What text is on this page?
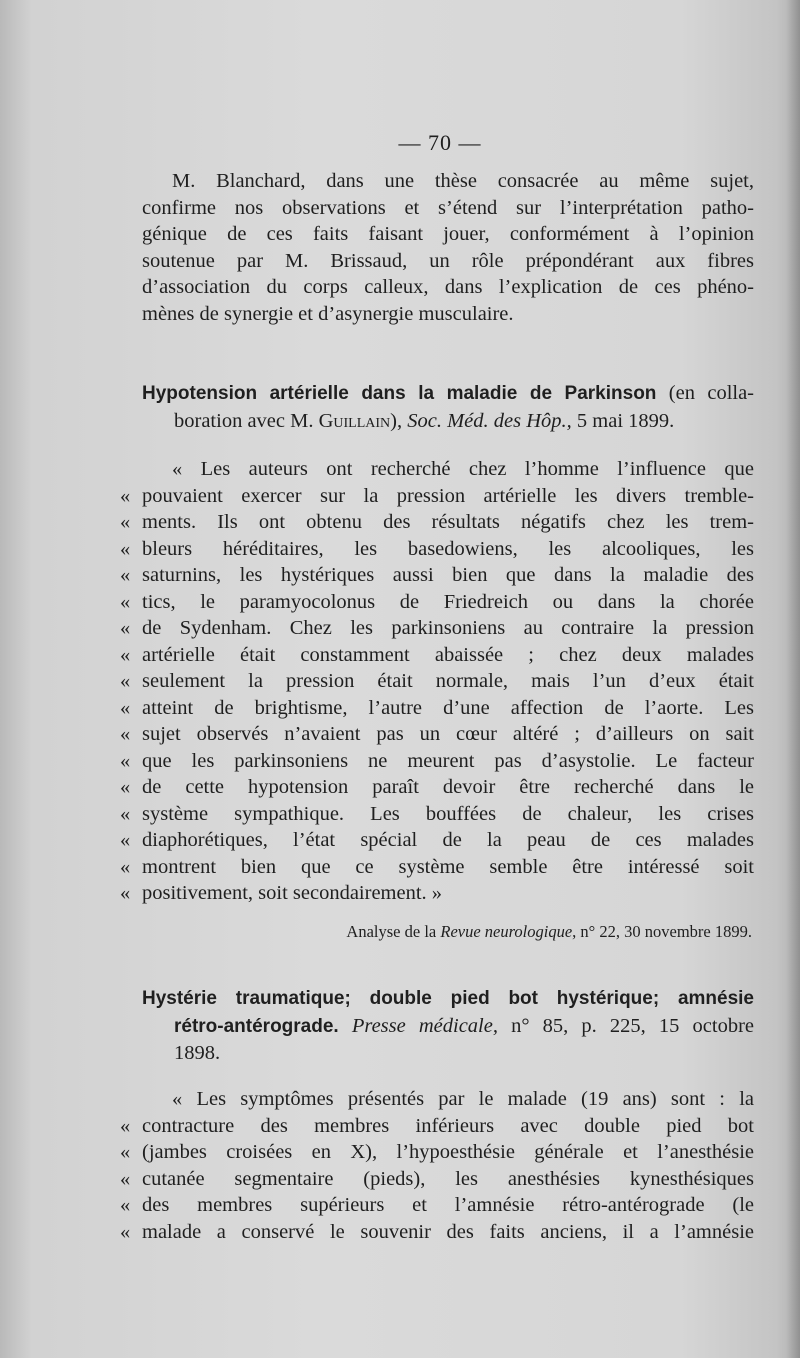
— 70 —
M. Blanchard, dans une thèse consacrée au même sujet,
confirme nos observations et s’étend sur l’interprétation patho-
génique de ces faits faisant jouer, conformément à l’opinion
soutenue par M. Brissaud, un rôle prépondérant aux fibres
d’association du corps calleux, dans l’explication de ces phéno-
mènes de synergie et d’asynergie musculaire.
Hypotension artérielle dans la maladie de Parkinson (en colla-
boration avec M. Guillain), Soc. Méd. des Hôp., 5 mai 1899.
« Les auteurs ont recherché chez l’homme l’influence que
«pouvaient exercer sur la pression artérielle les divers tremble-
«ments. Ils ont obtenu des résultats négatifs chez les trem-
«bleurs héréditaires, les basedowiens, les alcooliques, les
«saturnins, les hystériques aussi bien que dans la maladie des
«tics, le paramyocolonus de Friedreich ou dans la chorée
«de Sydenham. Chez les parkinsoniens au contraire la pression
«artérielle était constamment abaissée ; chez deux malades
«seulement la pression était normale, mais l’un d’eux était
«atteint de brightisme, l’autre d’une affection de l’aorte. Les
«sujet observés n’avaient pas un cœur altéré ; d’ailleurs on sait
«que les parkinsoniens ne meurent pas d’asystolie. Le facteur
«de cette hypotension paraît devoir être recherché dans le
«système sympathique. Les bouffées de chaleur, les crises
«diaphorétiques, l’état spécial de la peau de ces malades
«montrent bien que ce système semble être intéressé soit
«positivement, soit secondairement. »
Analyse de la Revue neurologique, n° 22, 30 novembre 1899.
Hystérie traumatique; double pied bot hystérique; amnésie
rétro-antérograde. Presse médicale, n° 85, p. 225, 15 octobre
1898.
« Les symptômes présentés par le malade (19 ans) sont : la
«contracture des membres inférieurs avec double pied bot
«(jambes croisées en X), l’hypoesthésie générale et l’anesthésie
«cutanée segmentaire (pieds), les anesthésies kynesthésiques
«des membres supérieurs et l’amnésie rétro-antérograde (le
«malade a conservé le souvenir des faits anciens, il a l’amnésie
